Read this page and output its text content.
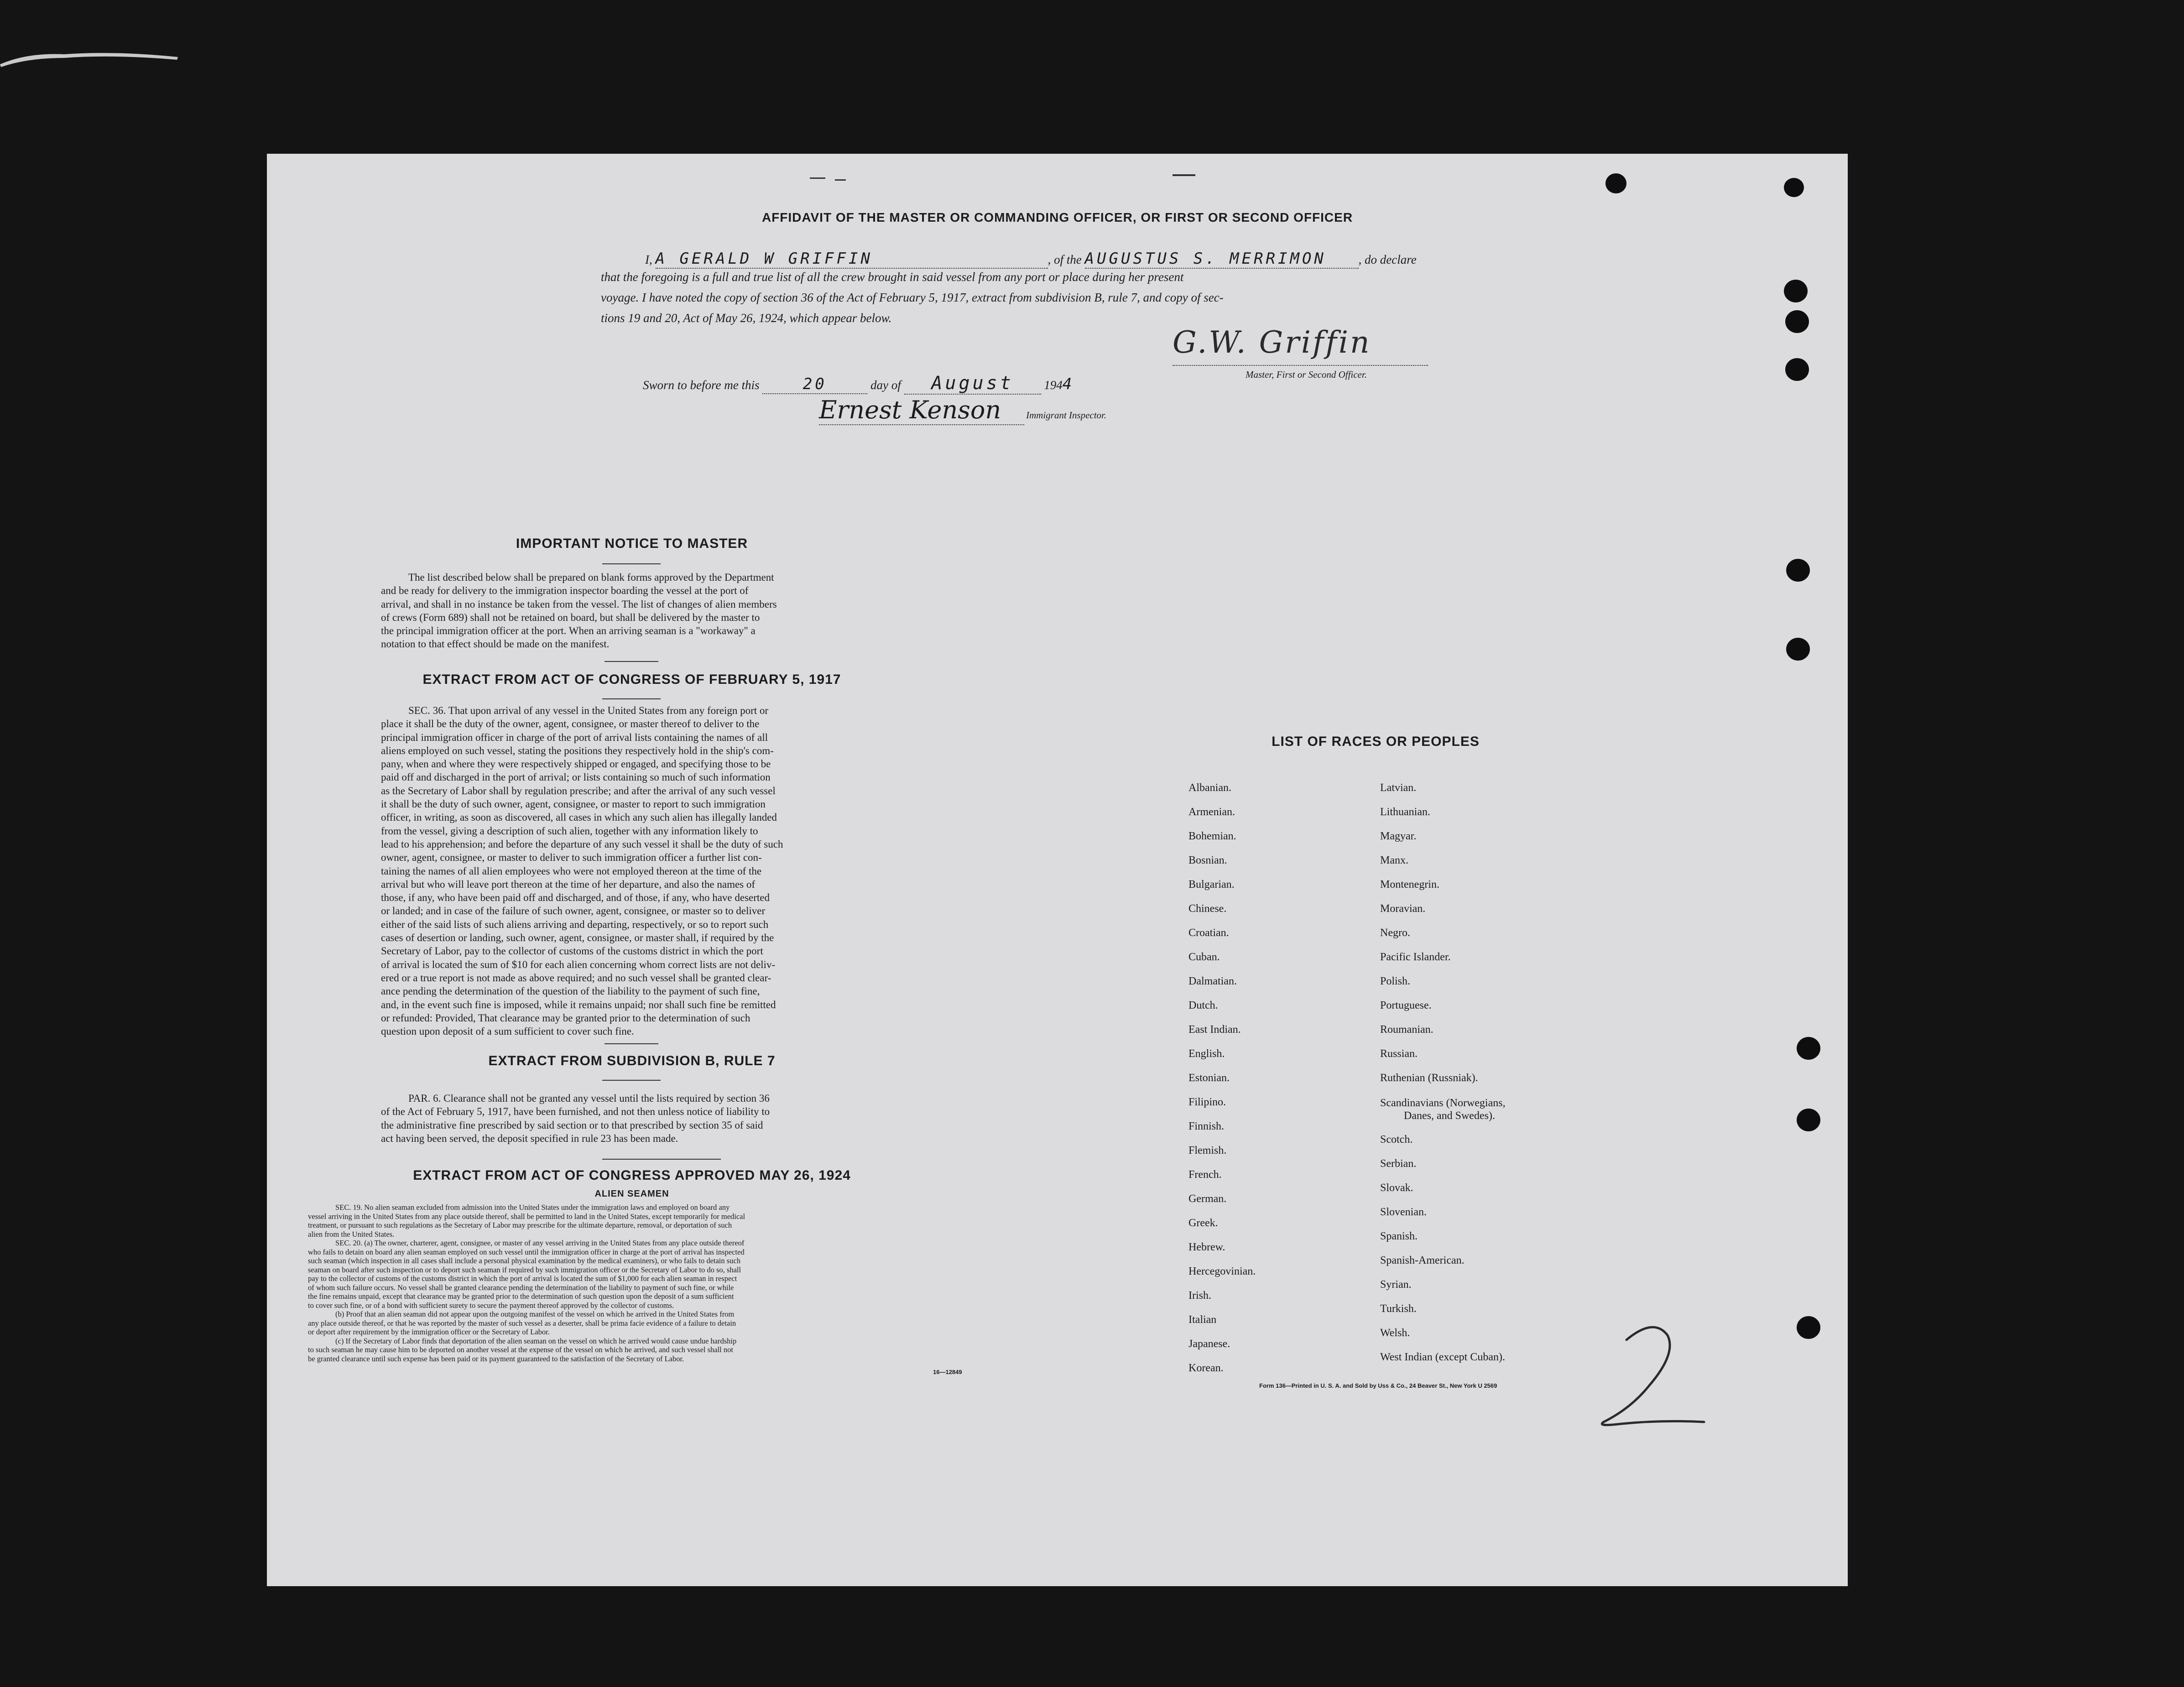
AFFIDAVIT OF THE MASTER OR COMMANDING OFFICER, OR FIRST OR SECOND OFFICER
I, A GERALD W GRIFFIN	, of the AUGUSTUS S. MERRIMON	, do declare
that the foregoing is a full and true list of all the crew brought in said vessel from any port or place during her present
voyage. I have noted the copy of section 36 of the Act of February 5, 1917, extract from subdivision B, rule 7, and copy of sec-
tions 19 and 20, Act of May 26, 1924, which appear below.
G.W. Griffin
Master, First or Second Officer.
Sworn to before me this	20	day of August 1944
Ernest Kenson	Immigrant Inspector.
IMPORTANT NOTICE TO MASTER
The list described below shall be prepared on blank forms approved by the Department
and be ready for delivery to the immigration inspector boarding the vessel at the port of
arrival, and shall in no instance be taken from the vessel. The list of changes of alien members
of crews (Form 689) shall not be retained on board, but shall be delivered by the master to
the principal immigration officer at the port. When an arriving seaman is a "workaway" a
notation to that effect should be made on the manifest.
EXTRACT FROM ACT OF CONGRESS OF FEBRUARY 5, 1917
SEC. 36. That upon arrival of any vessel in the United States from any foreign port or
place it shall be the duty of the owner, agent, consignee, or master thereof to deliver to the
principal immigration officer in charge of the port of arrival lists containing the names of all
aliens employed on such vessel, stating the positions they respectively hold in the ship's com-
pany, when and where they were respectively shipped or engaged, and specifying those to be
paid off and discharged in the port of arrival; or lists containing so much of such information
as the Secretary of Labor shall by regulation prescribe; and after the arrival of any such vessel
it shall be the duty of such owner, agent, consignee, or master to report to such immigration
officer, in writing, as soon as discovered, all cases in which any such alien has illegally landed
from the vessel, giving a description of such alien, together with any information likely to
lead to his apprehension; and before the departure of any such vessel it shall be the duty of such
owner, agent, consignee, or master to deliver to such immigration officer a further list con-
taining the names of all alien employees who were not employed thereon at the time of the
arrival but who will leave port thereon at the time of her departure, and also the names of
those, if any, who have been paid off and discharged, and of those, if any, who have deserted
or landed; and in case of the failure of such owner, agent, consignee, or master so to deliver
either of the said lists of such aliens arriving and departing, respectively, or so to report such
cases of desertion or landing, such owner, agent, consignee, or master shall, if required by the
Secretary of Labor, pay to the collector of customs of the customs district in which the port
of arrival is located the sum of $10 for each alien concerning whom correct lists are not deliv-
ered or a true report is not made as above required; and no such vessel shall be granted clear-
ance pending the determination of the question of the liability to the payment of such fine,
and, in the event such fine is imposed, while it remains unpaid; nor shall such fine be remitted
or refunded: Provided, That clearance may be granted prior to the determination of such
question upon deposit of a sum sufficient to cover such fine.
EXTRACT FROM SUBDIVISION B, RULE 7
PAR. 6. Clearance shall not be granted any vessel until the lists required by section 36
of the Act of February 5, 1917, have been furnished, and not then unless notice of liability to
the administrative fine prescribed by said section or to that prescribed by section 35 of said
act having been served, the deposit specified in rule 23 has been made.
EXTRACT FROM ACT OF CONGRESS APPROVED MAY 26, 1924
ALIEN SEAMEN
SEC. 19. No alien seaman excluded from admission into the United States under the immigration laws and employed on board any
vessel arriving in the United States from any place outside thereof, shall be permitted to land in the United States, except temporarily for medical
treatment, or pursuant to such regulations as the Secretary of Labor may prescribe for the ultimate departure, removal, or deportation of such
alien from the United States.
SEC. 20. (a) The owner, charterer, agent, consignee, or master of any vessel arriving in the United States from any place outside thereof
who fails to detain on board any alien seaman employed on such vessel until the immigration officer in charge at the port of arrival has inspected
such seaman (which inspection in all cases shall include a personal physical examination by the medical examiners), or who fails to detain such
seaman on board after such inspection or to deport such seaman if required by such immigration officer or the Secretary of Labor to do so, shall
pay to the collector of customs of the customs district in which the port of arrival is located the sum of $1,000 for each alien seaman in respect
of whom such failure occurs. No vessel shall be granted clearance pending the determination of the liability to payment of such fine, or while
the fine remains unpaid, except that clearance may be granted prior to the determination of such question upon the deposit of a sum sufficient
to cover such fine, or of a bond with sufficient surety to secure the payment thereof approved by the collector of customs.
(b) Proof that an alien seaman did not appear upon the outgoing manifest of the vessel on which he arrived in the United States from
any place outside thereof, or that he was reported by the master of such vessel as a deserter, shall be prima facie evidence of a failure to detain
or deport after requirement by the immigration officer or the Secretary of Labor.
(c) If the Secretary of Labor finds that deportation of the alien seaman on the vessel on which he arrived would cause undue hardship
to such seaman he may cause him to be deported on another vessel at the expense of the vessel on which he arrived, and such vessel shall not
be granted clearance until such expense has been paid or its payment guaranteed to the satisfaction of the Secretary of Labor.
16—12849
LIST OF RACES OR PEOPLES
Albanian.
Armenian.
Bohemian.
Bosnian.
Bulgarian.
Chinese.
Croatian.
Cuban.
Dalmatian.
Dutch.
East Indian.
English.
Estonian.
Filipino.
Finnish.
Flemish.
French.
German.
Greek.
Hebrew.
Hercegovinian.
Irish.
Italian
Japanese.
Korean.
Latvian.
Lithuanian.
Magyar.
Manx.
Montenegrin.
Moravian.
Negro.
Pacific Islander.
Polish.
Portuguese.
Roumanian.
Russian.
Ruthenian (Russniak).
Scandinavians (Norwegians,
Danes, and Swedes).
Scotch.
Serbian.
Slovak.
Slovenian.
Spanish.
Spanish-American.
Syrian.
Turkish.
Welsh.
West Indian (except Cuban).
Form 136—Printed in U. S. A. and Sold by Uss & Co., 24 Beaver St., New York U 2569
